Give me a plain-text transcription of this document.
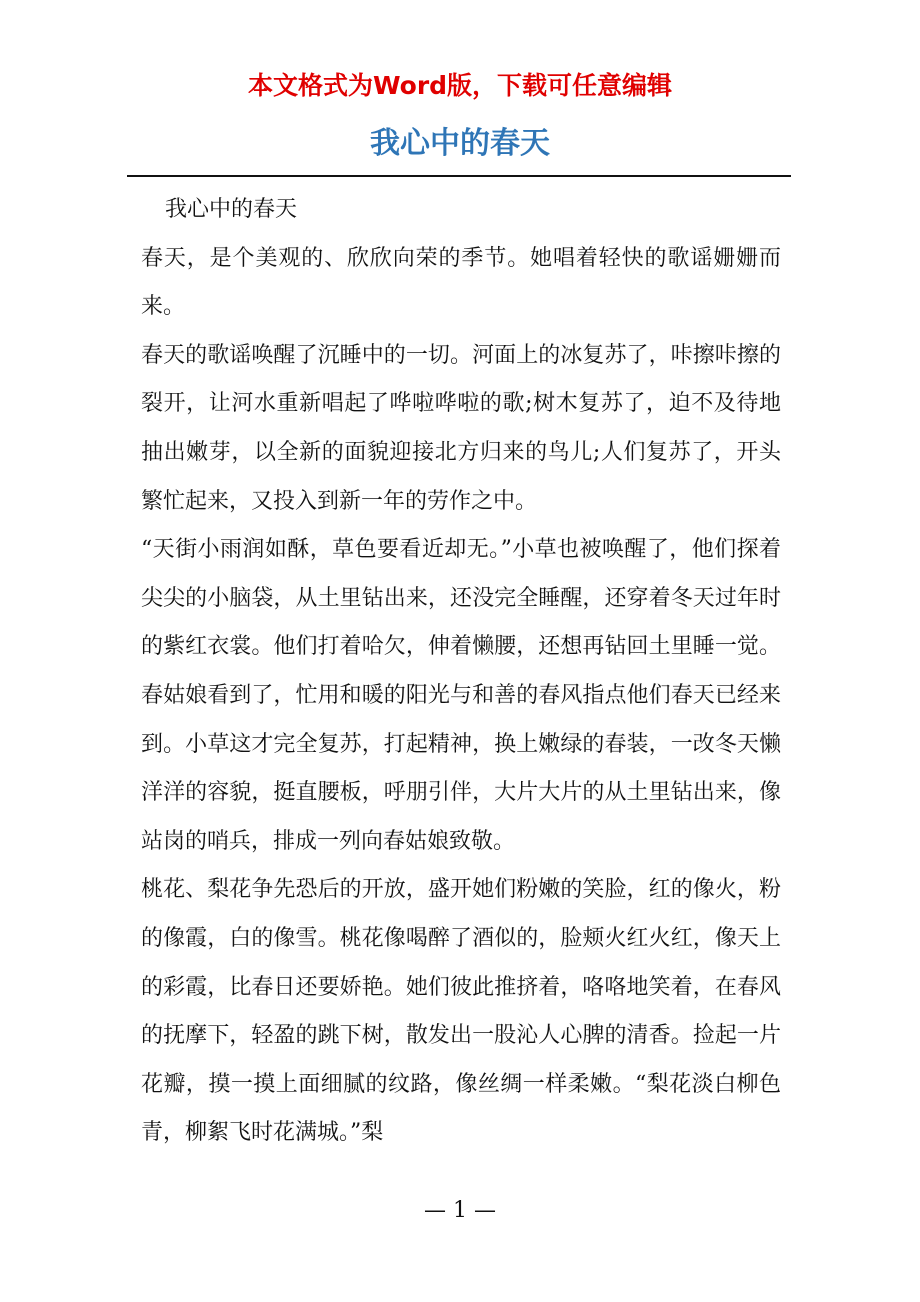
本文格式为Word版，下载可任意编辑

我心中的春天

我心中的春天

春天，是个美观的、欣欣向荣的季节。她唱着轻快的歌谣姗姗而来。

春天的歌谣唤醒了沉睡中的一切。河面上的冰复苏了，咔擦咔擦的裂开，让河水重新唱起了哗啦哗啦的歌;树木复苏了，迫不及待地抽出嫩芽，以全新的面貌迎接北方归来的鸟儿;人们复苏了，开头繁忙起来，又投入到新一年的劳作之中。

“天街小雨润如酥，草色要看近却无。”小草也被唤醒了，他们探着尖尖的小脑袋，从土里钻出来，还没完全睡醒，还穿着冬天过年时的紫红衣裳。他们打着哈欠，伸着懒腰，还想再钻回土里睡一觉。春姑娘看到了，忙用和暖的阳光与和善的春风指点他们春天已经来到。小草这才完全复苏，打起精神，换上嫩绿的春装，一改冬天懒洋洋的容貌，挺直腰板，呼朋引伴，大片大片的从土里钻出来，像站岗的哨兵，排成一列向春姑娘致敬。

桃花、梨花争先恐后的开放，盛开她们粉嫩的笑脸，红的像火，粉的像霞，白的像雪。桃花像喝醉了酒似的，脸颊火红火红，像天上的彩霞，比春日还要娇艳。她们彼此推挤着，咯咯地笑着，在春风的抚摩下，轻盈的跳下树，散发出一股沁人心脾的清香。捡起一片花瓣，摸一摸上面细腻的纹路，像丝绸一样柔嫩。“梨花淡白柳色青，柳絮飞时花满城。”梨

— 1 —
